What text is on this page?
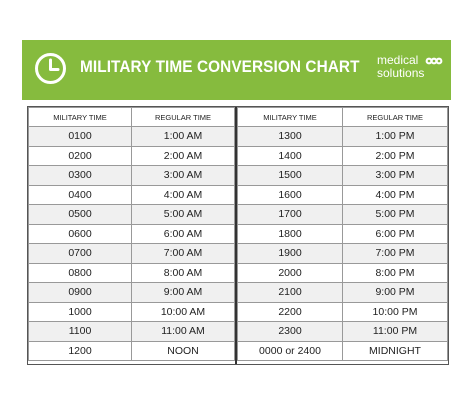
MILITARY TIME CONVERSION CHART medical
solutions
MILITARY TIME	REGULAR TIME
0100	1:00 AM
0200	2:00 AM
0300	3:00 AM
0400	4:00 AM
0500	5:00 AM
0600	6:00 AM
0700	7:00 AM
0800	8:00 AM
0900	9:00 AM
1000	10:00 AM
1100	11:00 AM
1200	NOON
MILITARY TIME	REGULAR TIME
1300	1:00 PM
1400	2:00 PM
1500	3:00 PM
1600	4:00 PM
1700	5:00 PM
1800	6:00 PM
1900	7:00 PM
2000	8:00 PM
2100	9:00 PM
2200	10:00 PM
2300	11:00 PM
0000 or 2400	MIDNIGHT
